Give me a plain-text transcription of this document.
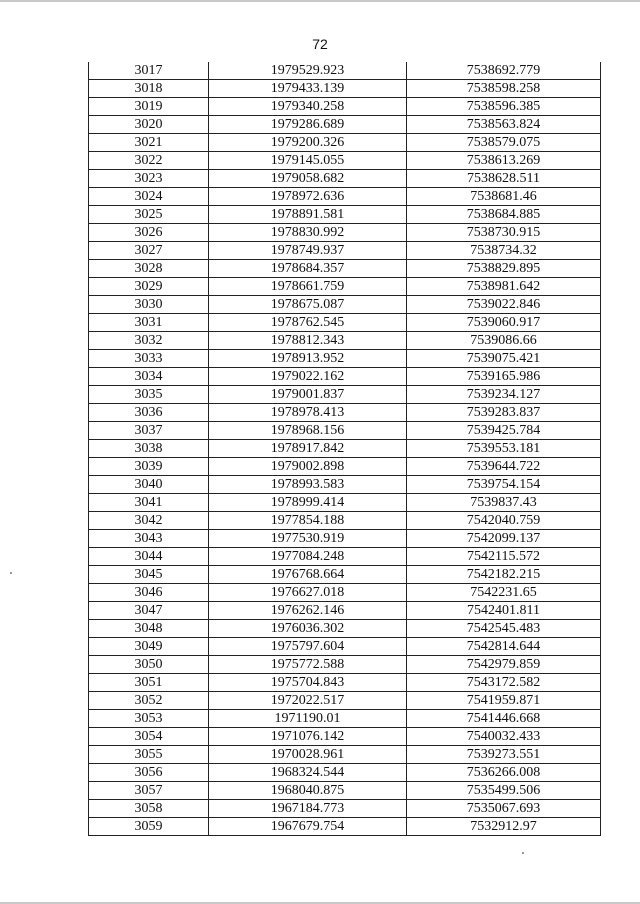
72
3017	1979529.923	7538692.779
3018	1979433.139	7538598.258
3019	1979340.258	7538596.385
3020	1979286.689	7538563.824
3021	1979200.326	7538579.075
3022	1979145.055	7538613.269
3023	1979058.682	7538628.511
3024	1978972.636	7538681.46
3025	1978891.581	7538684.885
3026	1978830.992	7538730.915
3027	1978749.937	7538734.32
3028	1978684.357	7538829.895
3029	1978661.759	7538981.642
3030	1978675.087	7539022.846
3031	1978762.545	7539060.917
3032	1978812.343	7539086.66
3033	1978913.952	7539075.421
3034	1979022.162	7539165.986
3035	1979001.837	7539234.127
3036	1978978.413	7539283.837
3037	1978968.156	7539425.784
3038	1978917.842	7539553.181
3039	1979002.898	7539644.722
3040	1978993.583	7539754.154
3041	1978999.414	7539837.43
3042	1977854.188	7542040.759
3043	1977530.919	7542099.137
3044	1977084.248	7542115.572
3045	1976768.664	7542182.215
3046	1976627.018	7542231.65
3047	1976262.146	7542401.811
3048	1976036.302	7542545.483
3049	1975797.604	7542814.644
3050	1975772.588	7542979.859
3051	1975704.843	7543172.582
3052	1972022.517	7541959.871
3053	1971190.01	7541446.668
3054	1971076.142	7540032.433
3055	1970028.961	7539273.551
3056	1968324.544	7536266.008
3057	1968040.875	7535499.506
3058	1967184.773	7535067.693
3059	1967679.754	7532912.97
